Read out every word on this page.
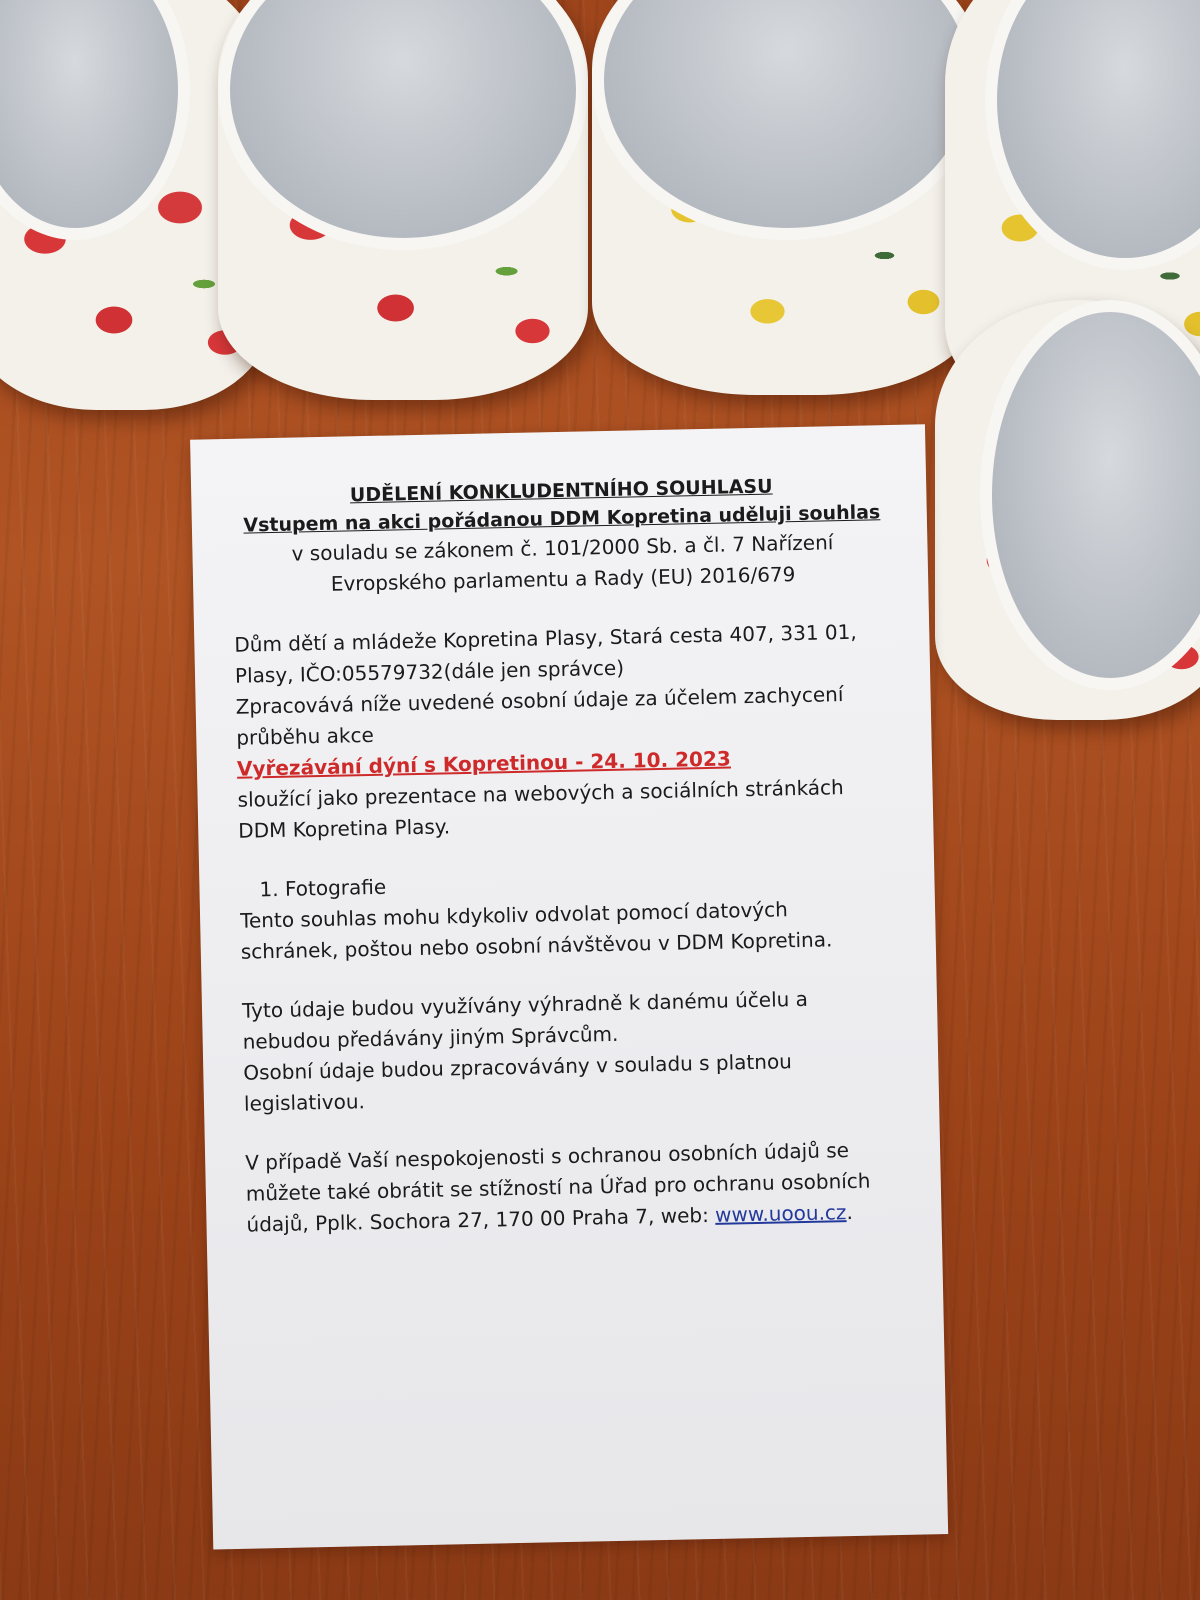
UDĚLENÍ KONKLUDENTNÍHO SOUHLASU
Vstupem na akci pořádanou DDM Kopretina uděluji souhlas
v souladu se zákonem č. 101/2000 Sb. a čl. 7 Nařízení
Evropského parlamentu a Rady (EU) 2016/679
Dům dětí a mládeže Kopretina Plasy, Stará cesta 407, 331 01,
Plasy, IČO:05579732(dále jen správce)
Zpracovává níže uvedené osobní údaje za účelem zachycení
průběhu akce
Vyřezávání dýní s Kopretinou - 24. 10. 2023
sloužící jako prezentace na webových a sociálních stránkách
DDM Kopretina Plasy.
1. Fotografie
Tento souhlas mohu kdykoliv odvolat pomocí datových
schránek, poštou nebo osobní návštěvou v DDM Kopretina.
Tyto údaje budou využívány výhradně k danému účelu a
nebudou předávány jiným Správcům.
Osobní údaje budou zpracovávány v souladu s platnou
legislativou.
V případě Vaší nespokojenosti s ochranou osobních údajů se
můžete také obrátit se stížností na Úřad pro ochranu osobních
údajů, Pplk. Sochora 27, 170 00 Praha 7, web: www.uoou.cz.
